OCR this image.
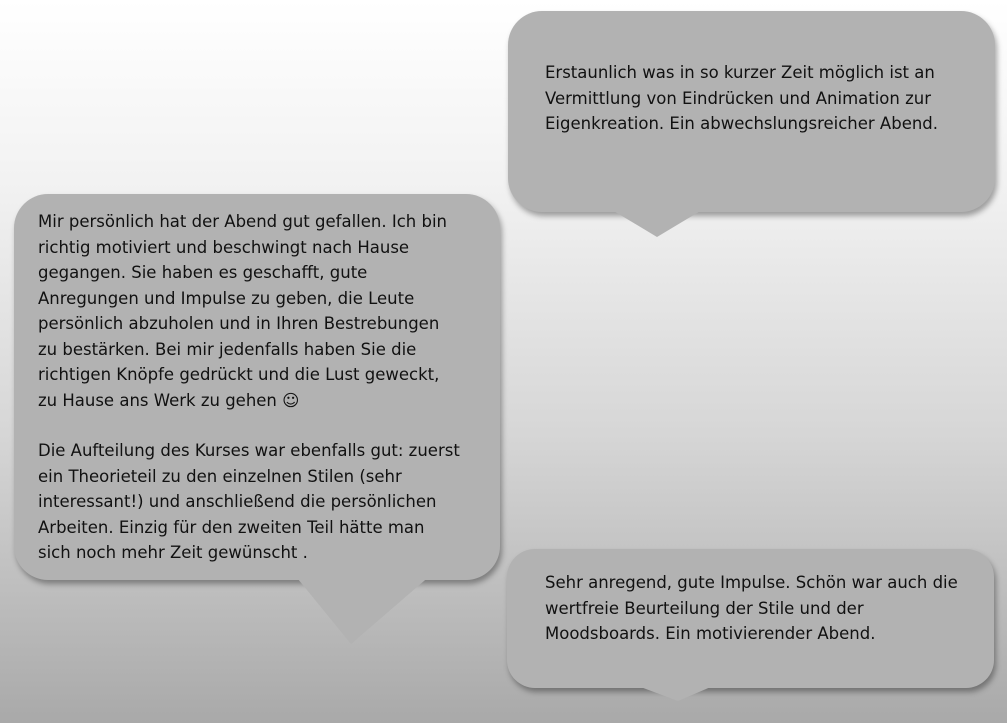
Erstaunlich was in so kurzer Zeit möglich ist an
Vermittlung von Eindrücken und Animation zur
Eigenkreation. Ein abwechslungsreicher Abend.

Mir persönlich hat der Abend gut gefallen. Ich bin
richtig motiviert und beschwingt nach Hause
gegangen. Sie haben es geschafft, gute
Anregungen und Impulse zu geben, die Leute
persönlich abzuholen und in Ihren Bestrebungen
zu bestärken. Bei mir jedenfalls haben Sie die
richtigen Knöpfe gedrückt und die Lust geweckt,
zu Hause ans Werk zu gehen ☺

Die Aufteilung des Kurses war ebenfalls gut: zuerst
ein Theorieteil zu den einzelnen Stilen (sehr
interessant!) und anschließend die persönlichen
Arbeiten. Einzig für den zweiten Teil hätte man
sich noch mehr Zeit gewünscht .

Sehr anregend, gute Impulse. Schön war auch die
wertfreie Beurteilung der Stile und der
Moodsboards. Ein motivierender Abend.
